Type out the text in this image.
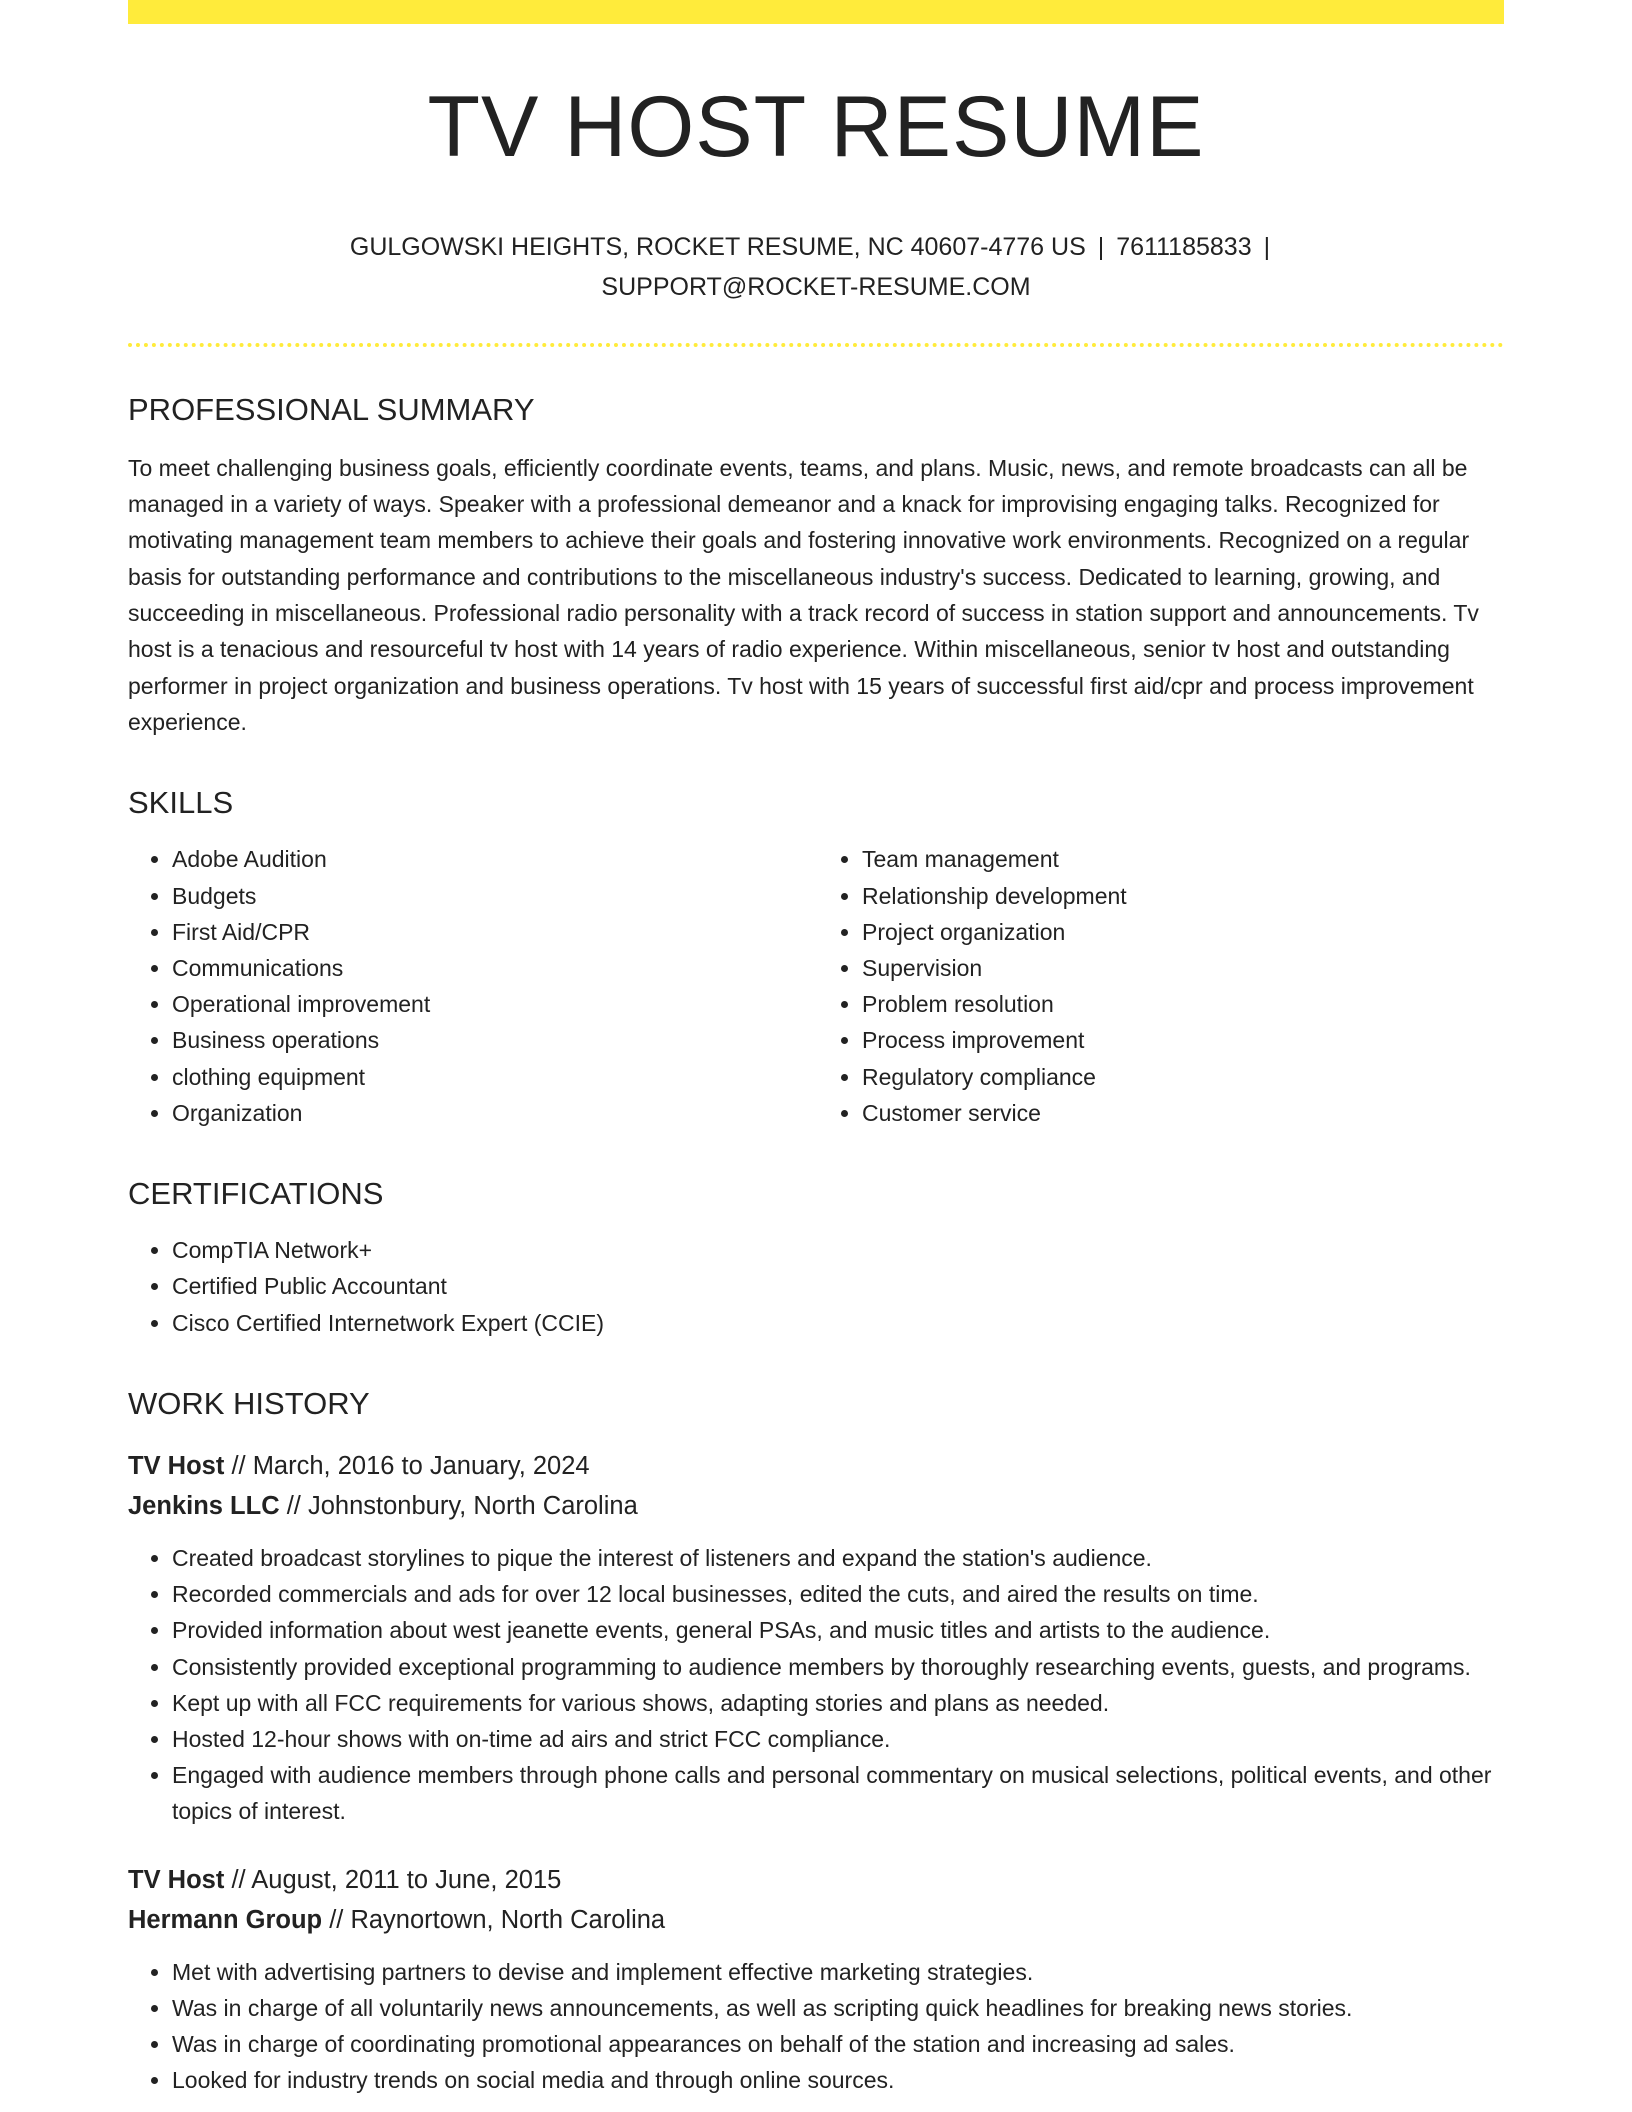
TV HOST RESUME
GULGOWSKI HEIGHTS, ROCKET RESUME, NC 40607-4776 US | 7611185833 |
SUPPORT@ROCKET-RESUME.COM
PROFESSIONAL SUMMARY
To meet challenging business goals, efficiently coordinate events, teams, and plans. Music, news, and remote broadcasts can all be managed in a variety of ways. Speaker with a professional demeanor and a knack for improvising engaging talks. Recognized for motivating management team members to achieve their goals and fostering innovative work environments. Recognized on a regular basis for outstanding performance and contributions to the miscellaneous industry's success. Dedicated to learning, growing, and succeeding in miscellaneous. Professional radio personality with a track record of success in station support and announcements. Tv host is a tenacious and resourceful tv host with 14 years of radio experience. Within miscellaneous, senior tv host and outstanding performer in project organization and business operations. Tv host with 15 years of successful first aid/cpr and process improvement experience.
SKILLS
• Adobe Audition
• Budgets
• First Aid/CPR
• Communications
• Operational improvement
• Business operations
• clothing equipment
• Organization
• Team management
• Relationship development
• Project organization
• Supervision
• Problem resolution
• Process improvement
• Regulatory compliance
• Customer service
CERTIFICATIONS
• CompTIA Network+
• Certified Public Accountant
• Cisco Certified Internetwork Expert (CCIE)
WORK HISTORY
TV Host // March, 2016 to January, 2024
Jenkins LLC // Johnstonbury, North Carolina
• Created broadcast storylines to pique the interest of listeners and expand the station's audience.
• Recorded commercials and ads for over 12 local businesses, edited the cuts, and aired the results on time.
• Provided information about west jeanette events, general PSAs, and music titles and artists to the audience.
• Consistently provided exceptional programming to audience members by thoroughly researching events, guests, and programs.
• Kept up with all FCC requirements for various shows, adapting stories and plans as needed.
• Hosted 12-hour shows with on-time ad airs and strict FCC compliance.
• Engaged with audience members through phone calls and personal commentary on musical selections, political events, and other topics of interest.
TV Host // August, 2011 to June, 2015
Hermann Group // Raynortown, North Carolina
• Met with advertising partners to devise and implement effective marketing strategies.
• Was in charge of all voluntarily news announcements, as well as scripting quick headlines for breaking news stories.
• Was in charge of coordinating promotional appearances on behalf of the station and increasing ad sales.
• Looked for industry trends on social media and through online sources.
